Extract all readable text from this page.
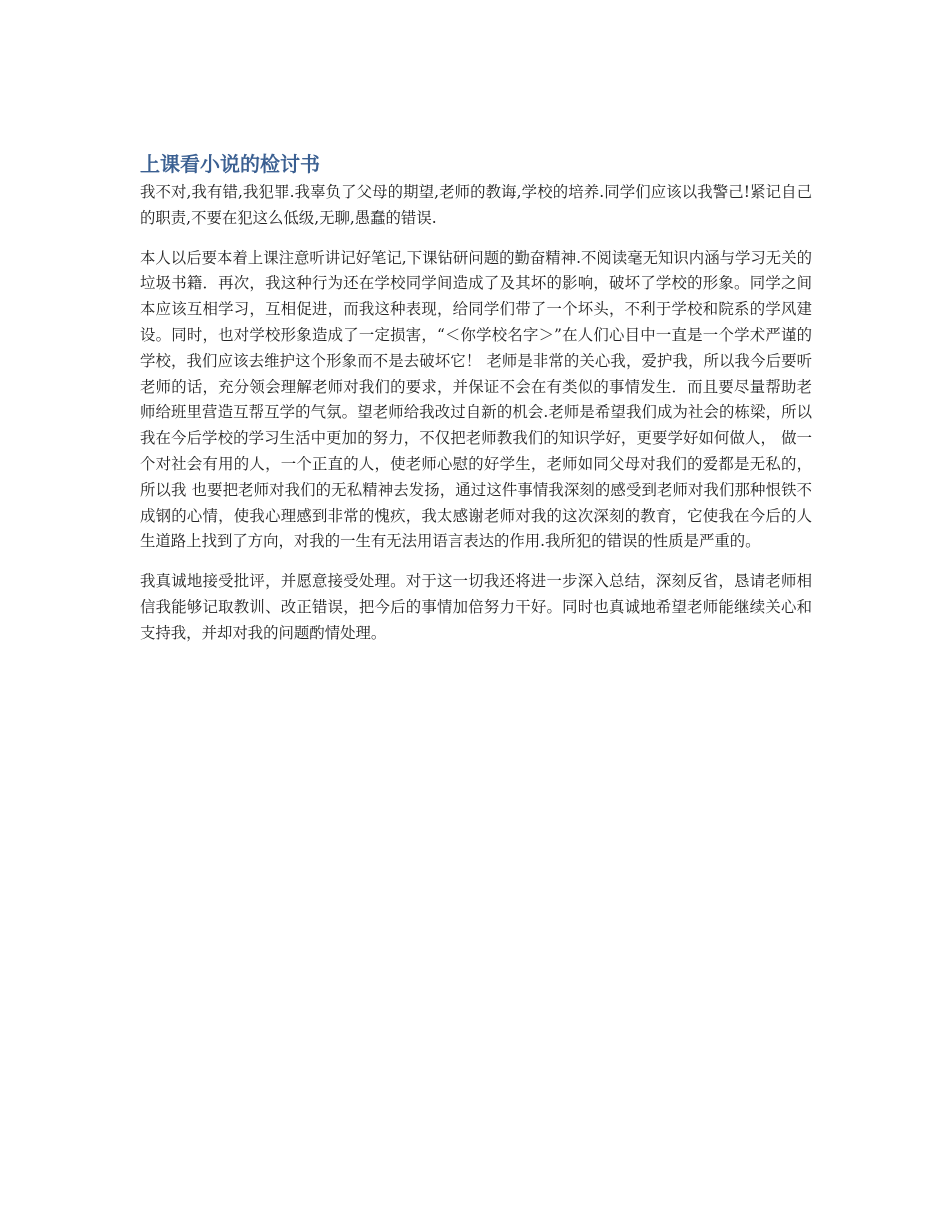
上课看小说的检讨书

我不对,我有错,我犯罪.我辜负了父母的期望,老师的教诲,学校的培养.同学们应该以我警己!紧记自己的职责,不要在犯这么低级,无聊,愚蠢的错误.

本人以后要本着上课注意听讲记好笔记,下课钻研问题的勤奋精神.不阅读毫无知识内涵与学习无关的垃圾书籍．再次，我这种行为还在学校同学间造成了及其坏的影响，破坏了学校的形象。同学之间本应该互相学习，互相促进，而我这种表现，给同学们带了一个坏头，不利于学校和院系的学风建设。同时，也对学校形象造成了一定损害，“＜你学校名字＞”在人们心目中一直是一个学术严谨的学校，我们应该去维护这个形象而不是去破坏它！ 老师是非常的关心我，爱护我，所以我今后要听老师的话，充分领会理解老师对我们的要求，并保证不会在有类似的事情发生．而且要尽量帮助老师给班里营造互帮互学的气氛。望老师给我改过自新的机会.老师是希望我们成为社会的栋梁，所以我在今后学校的学习生活中更加的努力，不仅把老师教我们的知识学好，更要学好如何做人， 做一个对社会有用的人，一个正直的人，使老师心慰的好学生，老师如同父母对我们的爱都是无私的，所以我 也要把老师对我们的无私精神去发扬，通过这件事情我深刻的感受到老师对我们那种恨铁不成钢的心情，使我心理感到非常的愧疚，我太感谢老师对我的这次深刻的教育，它使我在今后的人生道路上找到了方向，对我的一生有无法用语言表达的作用.我所犯的错误的性质是严重的。

我真诚地接受批评，并愿意接受处理。对于这一切我还将进一步深入总结，深刻反省，恳请老师相信我能够记取教训、改正错误，把今后的事情加倍努力干好。同时也真诚地希望老师能继续关心和支持我，并却对我的问题酌情处理。
